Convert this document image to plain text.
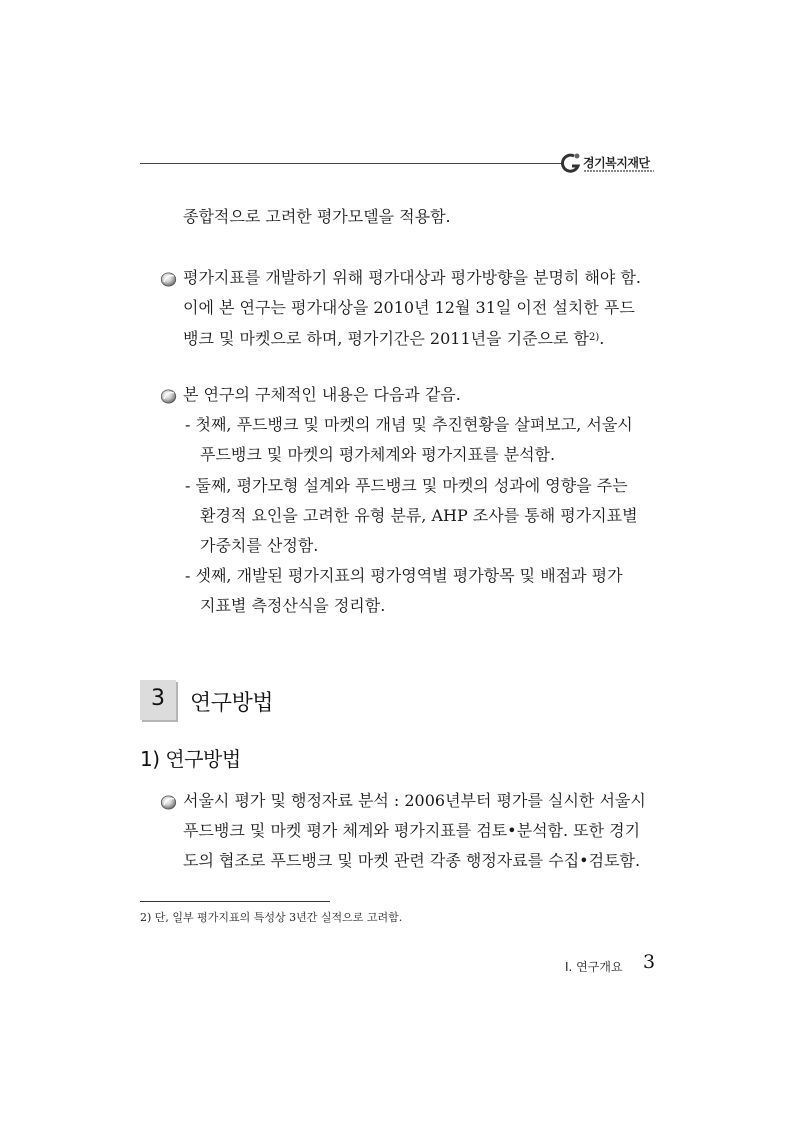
경기복지재단
종합적으로 고려한 평가모델을 적용함.
평가지표를 개발하기 위해 평가대상과 평가방향을 분명히 해야 함.
이에 본 연구는 평가대상을 2010년 12월 31일 이전 설치한 푸드
뱅크 및 마켓으로 하며, 평가기간은 2011년을 기준으로 함$^{2)}$.
본 연구의 구체적인 내용은 다음과 같음.
- 첫째, 푸드뱅크 및 마켓의 개념 및 추진현황을 살펴보고, 서울시
푸드뱅크 및 마켓의 평가체계와 평가지표를 분석함.
- 둘째, 평가모형 설계와 푸드뱅크 및 마켓의 성과에 영향을 주는
환경적 요인을 고려한 유형 분류, AHP 조사를 통해 평가지표별
가중치를 산정함.
- 셋째, 개발된 평가지표의 평가영역별 평가항목 및 배점과 평가
지표별 측정산식을 정리함.
3	연구방법
1) 연구방법
서울시 평가 및 행정자료 분석 : 2006년부터 평가를 실시한 서울시
푸드뱅크 및 마켓 평가 체계와 평가지표를 검토•분석함. 또한 경기
도의 협조로 푸드뱅크 및 마켓 관련 각종 행정자료를 수집•검토함.
2) 단, 일부 평가지표의 특성상 3년간 실적으로 고려함.
Ⅰ. 연구개요 3
